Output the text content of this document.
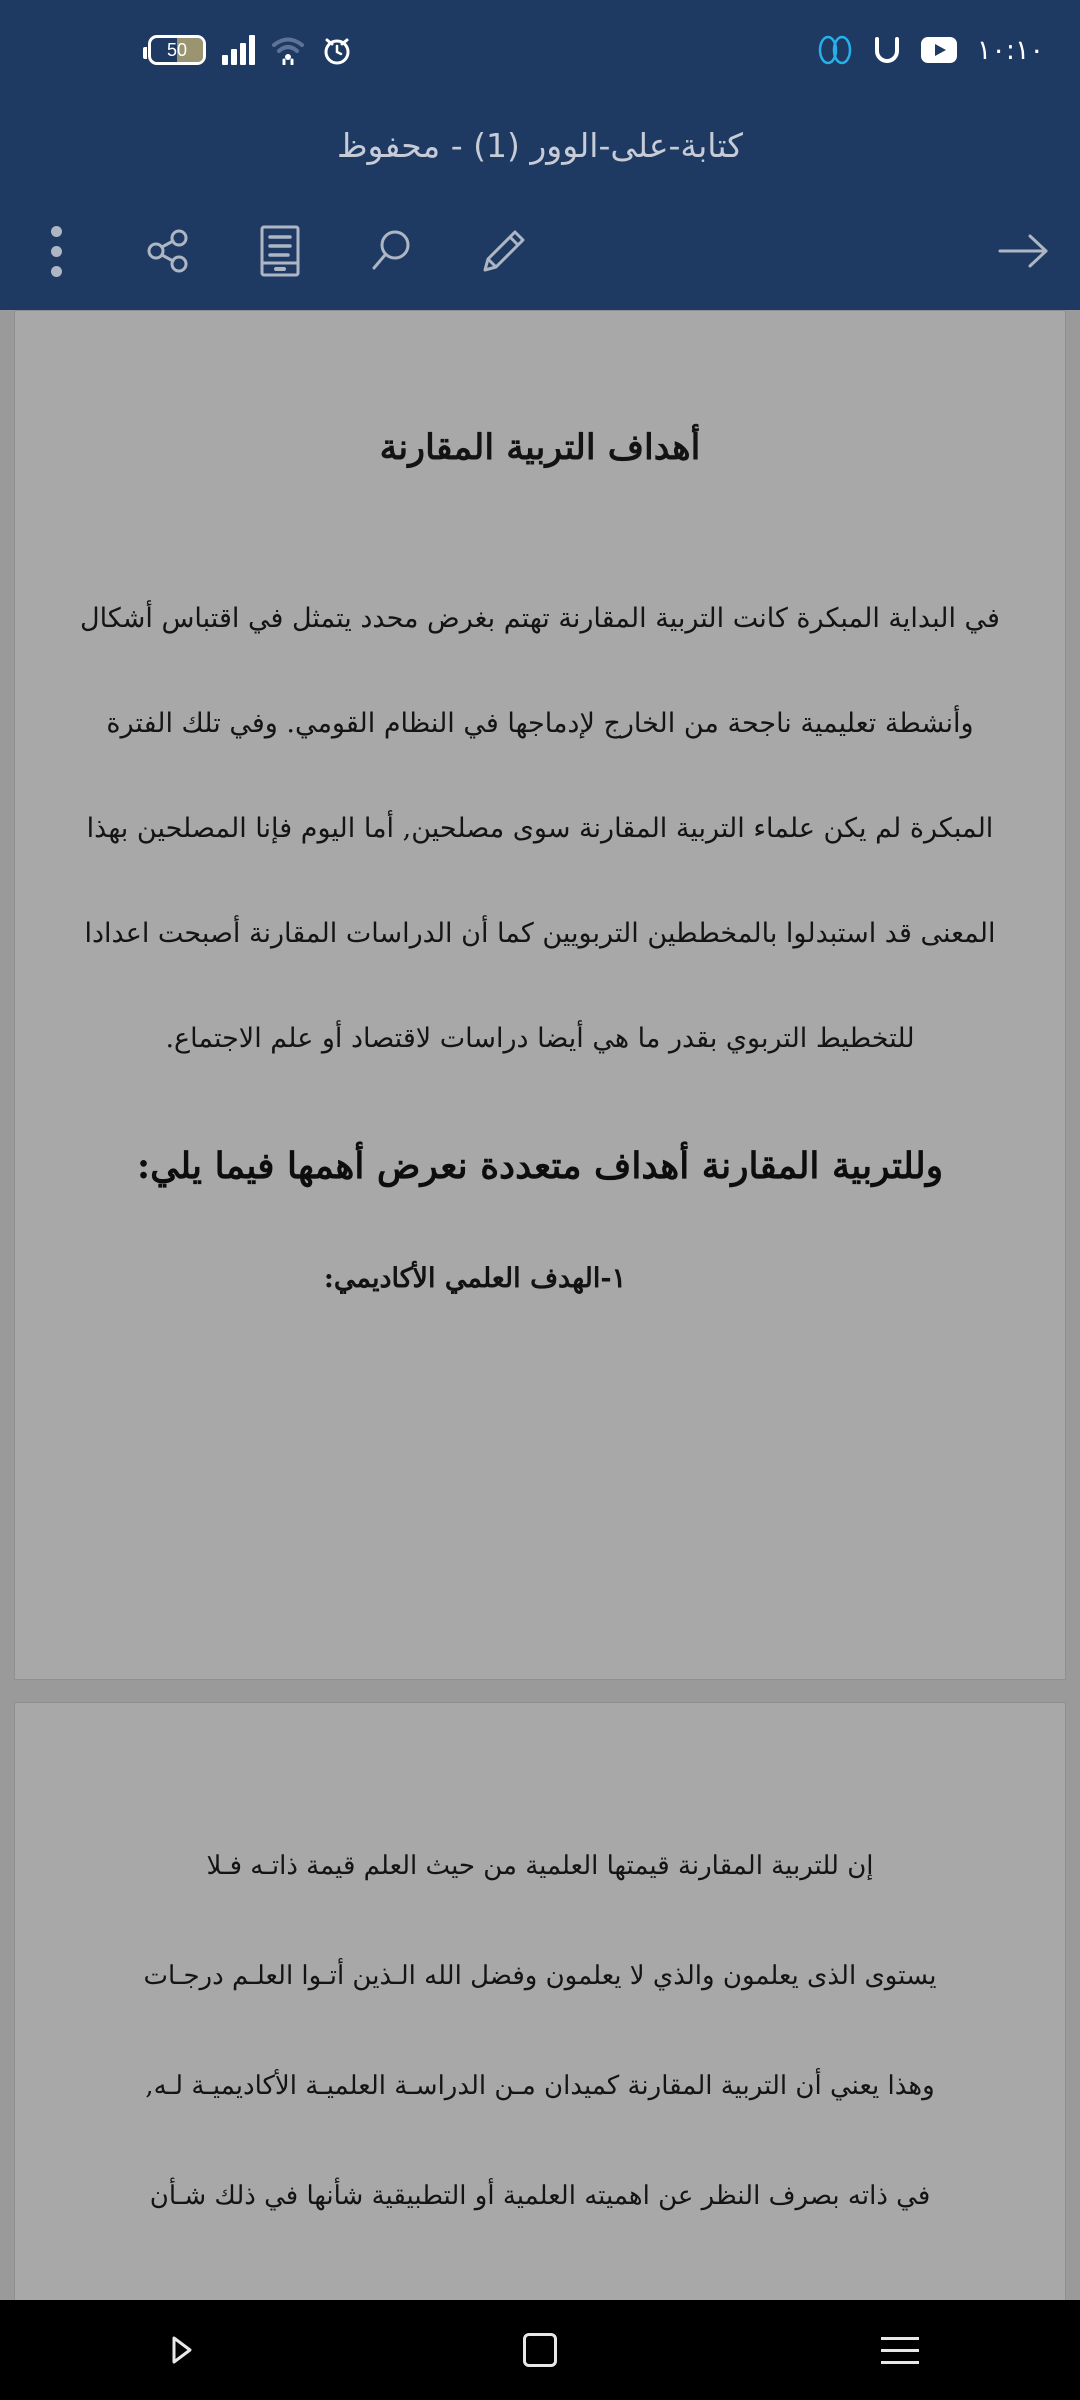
50	١٠:١٠
كتابة-على-الوور (1) - محفوظ
أهداف التربية المقارنة
في البداية المبكرة كانت التربية المقارنة تهتم بغرض محدد يتمثل في اقتباس أشكال
وأنشطة تعليمية ناجحة من الخارج لإدماجها في النظام القومي. وفي تلك الفترة
المبكرة لم يكن علماء التربية المقارنة سوى مصلحين, أما اليوم فإنا المصلحين بهذا
المعنى قد استبدلوا بالمخططين التربويين كما أن الدراسات المقارنة أصبحت اعدادا
للتخطيط التربوي بقدر ما هي أيضا دراسات لاقتصاد أو علم الاجتماع.
وللتربية المقارنة أهداف متعددة نعرض أهمها فيما يلي:
١-الهدف العلمي الأكاديمي:
إن للتربية المقارنة قيمتها العلمية من حيث العلم قيمة ذاتـه فـلا
يستوى الذى يعلمون والذي لا يعلمون وفضل الله الـذين أتـوا العلـم درجـات
وهذا يعني أن التربية المقارنة كميدان مـن الدراسـة العلميـة الأكاديميـة لـه,
في ذاته بصرف النظر عن اهميته العلمية أو التطبيقية شأنها في ذلك شـأن
